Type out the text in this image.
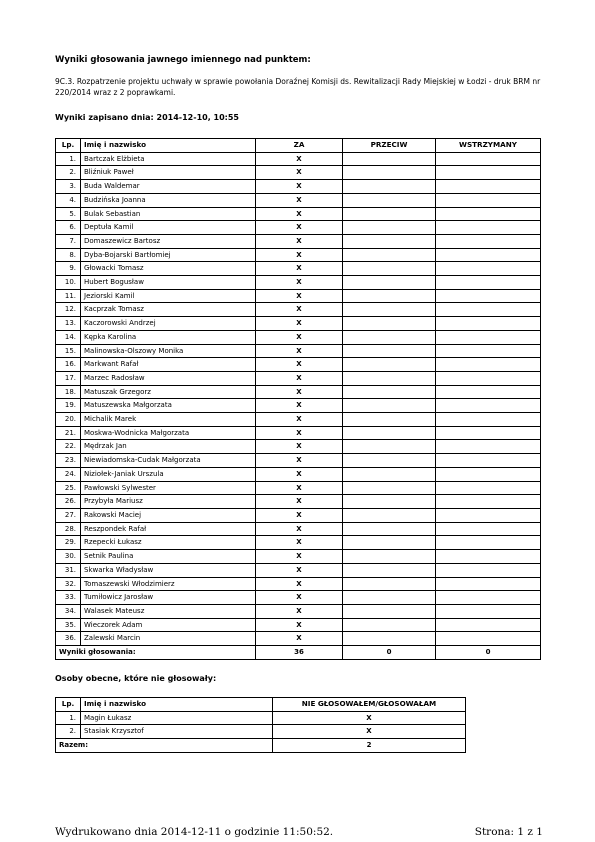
Wyniki głosowania jawnego imiennego nad punktem:
9C.3. Rozpatrzenie projektu uchwały w sprawie powołania Doraźnej Komisji ds. Rewitalizacji Rady Miejskiej w Łodzi - druk BRM nr 220/2014 wraz z 2 poprawkami.
Wyniki zapisano dnia: 2014-12-10, 10:55
Lp.	Imię i nazwisko	ZA	PRZECIW	WSTRZYMANY
1.	Bartczak Elżbieta	X		
2.	Bliźniuk Paweł	X		
3.	Buda Waldemar	X		
4.	Budzińska Joanna	X		
5.	Bulak Sebastian	X		
6.	Deptuła Kamil	X		
7.	Domaszewicz Bartosz	X		
8.	Dyba-Bojarski Bartłomiej	X		
9.	Głowacki Tomasz	X		
10.	Hubert Bogusław	X		
11.	Jeziorski Kamil	X		
12.	Kacprzak Tomasz	X		
13.	Kaczorowski Andrzej	X		
14.	Kępka Karolina	X		
15.	Malinowska-Olszowy Monika	X		
16.	Markwant Rafał	X		
17.	Marzec Radosław	X		
18.	Matuszak Grzegorz	X		
19.	Matuszewska Małgorzata	X		
20.	Michalik Marek	X		
21.	Moskwa-Wodnicka Małgorzata	X		
22.	Mędrzak Jan	X		
23.	Niewiadomska-Cudak Małgorzata	X		
24.	Niziołek-Janiak Urszula	X		
25.	Pawłowski Sylwester	X		
26.	Przybyła Mariusz	X		
27.	Rakowski Maciej	X		
28.	Reszpondek Rafał	X		
29.	Rzepecki Łukasz	X		
30.	Setnik Paulina	X		
31.	Skwarka Władysław	X		
32.	Tomaszewski Włodzimierz	X		
33.	Tumiłowicz Jarosław	X		
34.	Walasek Mateusz	X		
35.	Wieczorek Adam	X		
36.	Zalewski Marcin	X		
Wyniki głosowania:		36	0	0
Osoby obecne, które nie głosowały:
Lp.	Imię i nazwisko	NIE GŁOSOWAŁEM/GŁOSOWAŁAM
1.	Magin Łukasz	X
2.	Stasiak Krzysztof	X
Razem:		2
Wydrukowano dnia 2014-12-11 o godzinie 11:50:52.	Strona: 1 z 1
